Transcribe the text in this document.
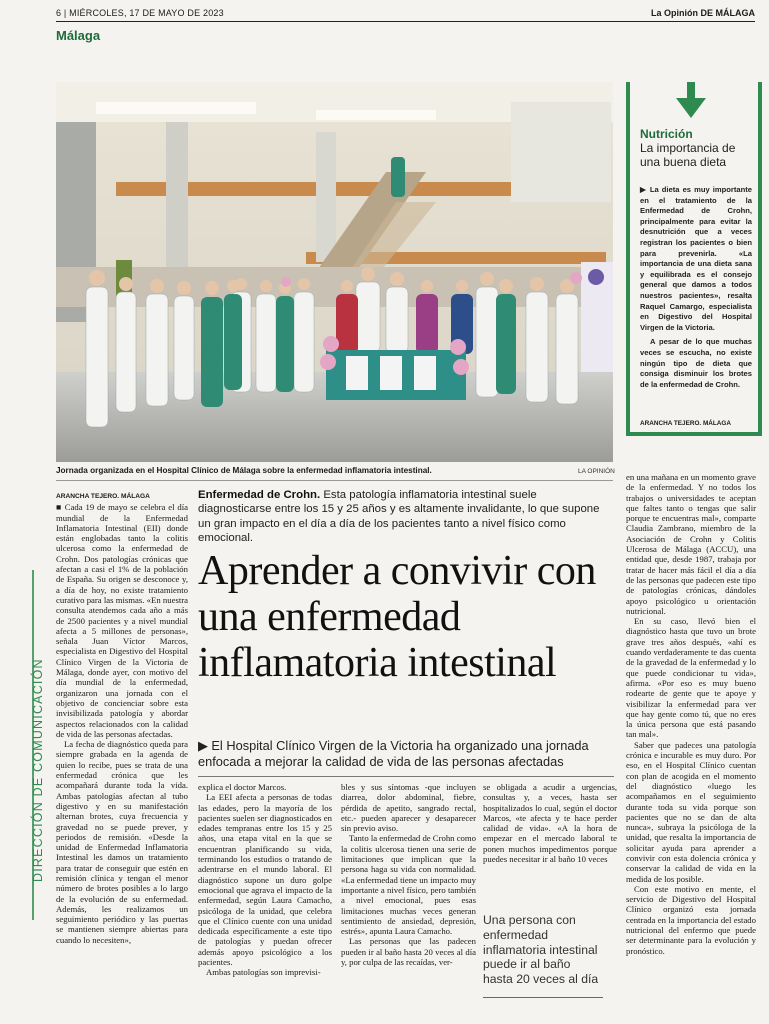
6 | MIÉRCOLES, 17 DE MAYO DE 2023	La Opinión DE MÁLAGA
Málaga
Jornada organizada en el Hospital Clínico de Málaga sobre la enfermedad inflamatoria intestinal.	LA OPINIÓN
Nutrición
La importancia de una buena dieta

▶ La dieta es muy importante en el tratamiento de la Enfermedad de Crohn, principalmente para evitar la desnutrición que a veces registran los pacientes o bien para prevenirla. «La importancia de una dieta sana y equilibrada es el consejo general que damos a todos nuestros pacientes», resalta Raquel Camargo, especialista en Digestivo del Hospital Virgen de la Victoria.

A pesar de lo que muchas veces se escucha, no existe ningún tipo de dieta que consiga disminuir los brotes de la enfermedad de Crohn.

ARANCHA TEJERO. MÁLAGA
DIRECCIÓN DE COMUNICACIÓN
ARANCHA TEJERO. MÁLAGA

■ Cada 19 de mayo se celebra el día mundial de la Enfermedad Inflamatoria Intestinal (EII) donde están englobadas tanto la colitis ulcerosa como la enfermedad de Crohn. Dos patologías crónicas que afectan a casi el 1% de la población de España. Su origen se desconoce y, a día de hoy, no existe tratamiento curativo para las mismas. «En nuestra consulta atendemos cada año a más de 2500 pacientes y a nivel mundial afecta a 5 millones de personas», señala Juan Víctor Marcos, especialista en Digestivo del Hospital Clínico Virgen de la Victoria de Málaga, donde ayer, con motivo del día mundial de la enfermedad, organizaron una jornada con el objetivo de concienciar sobre esta invisibilizada patología y abordar aspectos relacionados con la calidad de vida de las personas afectadas.

La fecha de diagnóstico queda para siempre grabada en la agenda de quien lo recibe, pues se trata de una enfermedad crónica que les acompañará durante toda la vida. Ambas patologías afectan al tubo digestivo y en su manifestación alternan brotes, cuya frecuencia y gravedad no se puede prever, y periodos de remisión. «Desde la unidad de Enfermedad Inflamatoria Intestinal les damos un tratamiento para tratar de conseguir que estén en remisión clínica y tengan el menor número de brotes posibles a lo largo de la evolución de su enfermedad. Además, les realizamos un seguimiento periódico y las puertas se mantienen siempre abiertas para cuando lo necesiten»,

Enfermedad de Crohn. Esta patología inflamatoria intestinal suele diagnosticarse entre los 15 y 25 años y es altamente invalidante, lo que supone un gran impacto en el día a día de los pacientes tanto a nivel físico como emocional.
Aprender a convivir con una enfermedad inflamatoria intestinal
▶ El Hospital Clínico Virgen de la Victoria ha organizado una jornada enfocada a mejorar la calidad de vida de las personas afectadas

explica el doctor Marcos.

La EEI afecta a personas de todas las edades, pero la mayoría de los pacientes suelen ser diagnosticados en edades tempranas entre los 15 y 25 años, una etapa vital en la que se encuentran planificando su vida, terminando los estudios o tratando de adentrarse en el mundo laboral. El diagnóstico supone un duro golpe emocional que agrava el impacto de la enfermedad, según Laura Camacho, psicóloga de la unidad, que celebra que el Clínico cuente con una unidad dedicada específicamente a este tipo de patologías y puedan ofrecer además apoyo psicológico a los pacientes.

Ambas patologías son imprevisi-

bles y sus síntomas -que incluyen diarrea, dolor abdominal, fiebre, pérdida de apetito, sangrado rectal, etc.- pueden aparecer y desaparecer sin previo aviso.

Tanto la enfermedad de Crohn como la colitis ulcerosa tienen una serie de limitaciones que implican que la persona haga su vida con normalidad. «La enfermedad tiene un impacto muy importante a nivel físico, pero también a nivel emocional, pues esas limitaciones muchas veces generan sentimiento de ansiedad, depresión, estrés», apunta Laura Camacho.

Las personas que las padecen pueden ir al baño hasta 20 veces al día y, por culpa de las recaídas, ver-

se obligada a acudir a urgencias, consultas y, a veces, hasta ser hospitalizados lo cual, según el doctor Marcos, «te afecta y te hace perder calidad de vida». «A la hora de empezar en el mercado laboral te ponen muchos impedimentos porque puedes necesitar ir al baño 10 veces

Una persona con enfermedad inflamatoria intestinal puede ir al baño hasta 20 veces al día

en una mañana en un momento grave de la enfermedad. Y no todos los trabajos o universidades te aceptan que faltes tanto o tengas que salir porque te encuentras mal», comparte Claudia Zambrano, miembro de la Asociación de Crohn y Colitis Ulcerosa de Málaga (ACCU), una entidad que, desde 1987, trabaja por tratar de hacer más fácil el día a día de las personas que padecen este tipo de patologías crónicas, dándoles apoyo psicológico u orientación nutricional.

En su caso, llevó bien el diagnóstico hasta que tuvo un brote grave tres años después, «ahí es cuando verdaderamente te das cuenta de la gravedad de la enfermedad y lo que puede condicionar tu vida», afirma. «Por eso es muy bueno rodearte de gente que te apoye y visibilizar la enfermedad para ver que hay gente como tú, que no eres la única persona que está pasando tan mal».

Saber que padeces una patología crónica e incurable es muy duro. Por eso, en el Hospital Clínico cuentan con plan de acogida en el momento del diagnóstico «luego les acompañamos en el seguimiento durante toda su vida porque son pacientes que no se dan de alta nunca», subraya la psicóloga de la unidad, que resalta la importancia de solicitar ayuda para aprender a convivir con esta dolencia crónica y conservar la calidad de vida en la medida de los posible.

Con este motivo en mente, el servicio de Digestivo del Hospital Clínico organizó esta jornada centrada en la importancia del estado nutricional del enfermo que puede ser determinante para la evolución y pronóstico.
